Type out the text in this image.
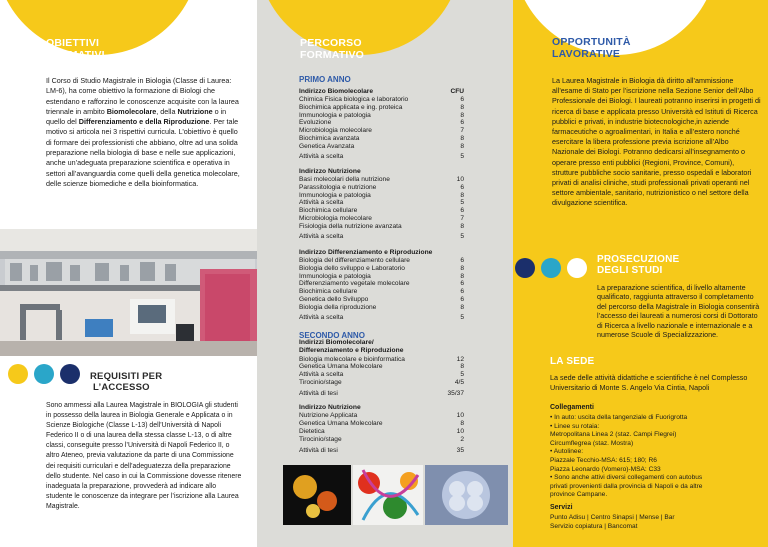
OBIETTIVI
FORMATIVI
Il Corso di Studio Magistrale in Biologia (Classe di Laurea: LM-6), ha come obiettivo la formazione di Biologi che estendano e rafforzino le conoscenze acquisite con la laurea triennale in ambito Biomolecolare, della Nutrizione o in quello del Differenziamento e della Riproduzione. Per tale motivo si articola nei 3 rispettivi curricula. L’obiettivo è quello di formare dei professionisti che abbiano, oltre ad una solida preparazione nella biologia di base e nelle sue applicazioni, anche un’adeguata preparazione scientifica e operativa in settori all’avanguardia come quelli della genetica molecolare, delle scienze biomediche e della bioinformatica.
REQUISITI PER
L’ACCESSO
Sono ammessi alla Laurea Magistrale in BIOLOGIA gli studenti in possesso della laurea in Biologia Generale e Applicata o in Scienze Biologiche (Classe L-13) dell’Università di Napoli Federico II o di una laurea della stessa classe L-13, o di altre classi, conseguite presso l’Università di Napoli Federico II, o altro Ateneo, previa valutazione da parte di una Commissione dei requisiti curriculari e dell’adeguatezza della preparazione dello studente. Nel caso in cui la Commissione dovesse ritenere inadeguata la preparazione, provvederà ad indicare allo studente le conoscenze da integrare per l’iscrizione alla Laurea Magistrale.
PERCORSO
FORMATIVO
PRIMO ANNO
Indirizzo Biomolecolare	CFU
Chimica Fisica biologica e laboratorio	6
Biochimica applicata e ing. proteica	8
Immunologia e patologia	8
Evoluzione	6
Microbiologia molecolare	7
Biochimica avanzata	8
Genetica Avanzata	8
Attività a scelta	5
Indirizzo Nutrizione
Basi molecolari della nutrizione	10
Parassitologia e nutrizione	6
Immunologia e patologia	8
Attività a scelta	5
Biochimica cellulare	6
Microbiologia molecolare	7
Fisiologia della nutrizione avanzata	8
Attività a scelta	5
Indirizzo Differenziamento e Riproduzione
Biologia del differenziamento cellulare	6
Biologia dello sviluppo e Laboratorio	8
Immunologia e patologia	8
Differenziamento vegetale molecolare	6
Biochimica cellulare	6
Genetica dello Sviluppo	6
Biologia della riproduzione	8
Attività a scelta	5
SECONDO ANNO
Indirizzi Biomolecolare/ Differenziamento e Riproduzione
Biologia molecolare e bioinformatica	12
Genetica Umana Molecolare	8
Attività a scelta	5
Tirocinio/stage	4/5
Attività di tesi	35/37
Indirizzo Nutrizione
Nutrizione Applicata	10
Genetica Umana Molecolare	8
Dietetica	10
Tirocinio/stage	2
Attività di tesi	35
OPPORTUNITÀ
LAVORATIVE
La Laurea Magistrale in Biologia dà diritto all’ammissione all’esame di Stato per l’iscrizione nella Sezione Senior dell’Albo Professionale dei Biologi. I laureati potranno inserirsi in progetti di ricerca di base e applicata presso Università ed Istituti di Ricerca pubblici e privati, in industrie biotecnologiche,in aziende farmaceutiche o agroalimentari, in Italia e all’estero nonché esercitare la libera professione previa iscrizione all’Albo Nazionale dei Biologi. Potranno dedicarsi all’insegnamento o operare presso enti pubblici (Regioni, Province, Comuni), strutture pubbliche socio sanitarie, presso ospedali e laboratori privati di analisi cliniche, studi professionali privati operanti nel settore ambientale, sanitario, nutrizionistico o nel settore della divulgazione scientifica.
PROSECUZIONE
DEGLI STUDI
La preparazione scientifica, di livello altamente qualificato, raggiunta attraverso il completamento del percorso della Magistrale in Biologia consentirà l’accesso dei laureati a numerosi corsi di Dottorato di Ricerca a livello nazionale e internazionale e a numerose Scuole di Specializzazione.
LA SEDE
La sede delle attività didattiche e scientifiche è nel Complesso Universitario di Monte S. Angelo Via Cintia, Napoli
Collegamenti
• In auto: uscita della tangenziale di Fuorigrotta
• Linee su rotaia:
Metropolitana Linea 2 (staz. Campi Flegrei)
Circumflegrea (staz. Mostra)
• Autolinee:
Piazzale Tecchio-MSA: 615; 180; R6
Piazza Leonardo (Vomero)-MSA: C33
• Sono anche attivi diversi collegamenti con autobus
privati provenienti dalla provincia di Napoli e da altre
province Campane.
Servizi
Punto Adisu | Centro Sinapsi | Mense | Bar
Servizio copiatura | Bancomat
